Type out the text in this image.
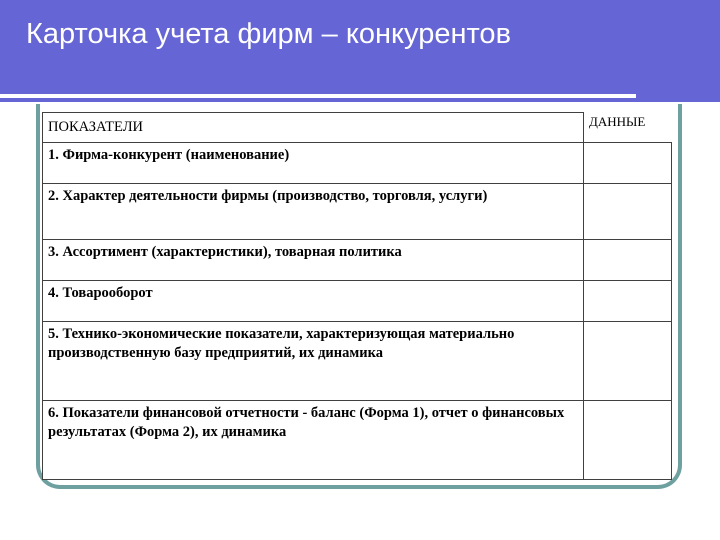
Карточка учета фирм – конкурентов
ПОКАЗАТЕЛИ	ДАННЫЕ

1. Фирма-конкурент (наименование)	
2. Характер деятельности фирмы (производство, торговля, услуги)	
3. Ассортимент (характеристики), товарная политика	
4. Товарооборот	
5. Технико-экономические показатели, характеризующая материально производственную базу предприятий, их динамика	
6. Показатели финансовой отчетности - баланс (Форма 1), отчет о финансовых результатах (Форма 2), их динамика	
